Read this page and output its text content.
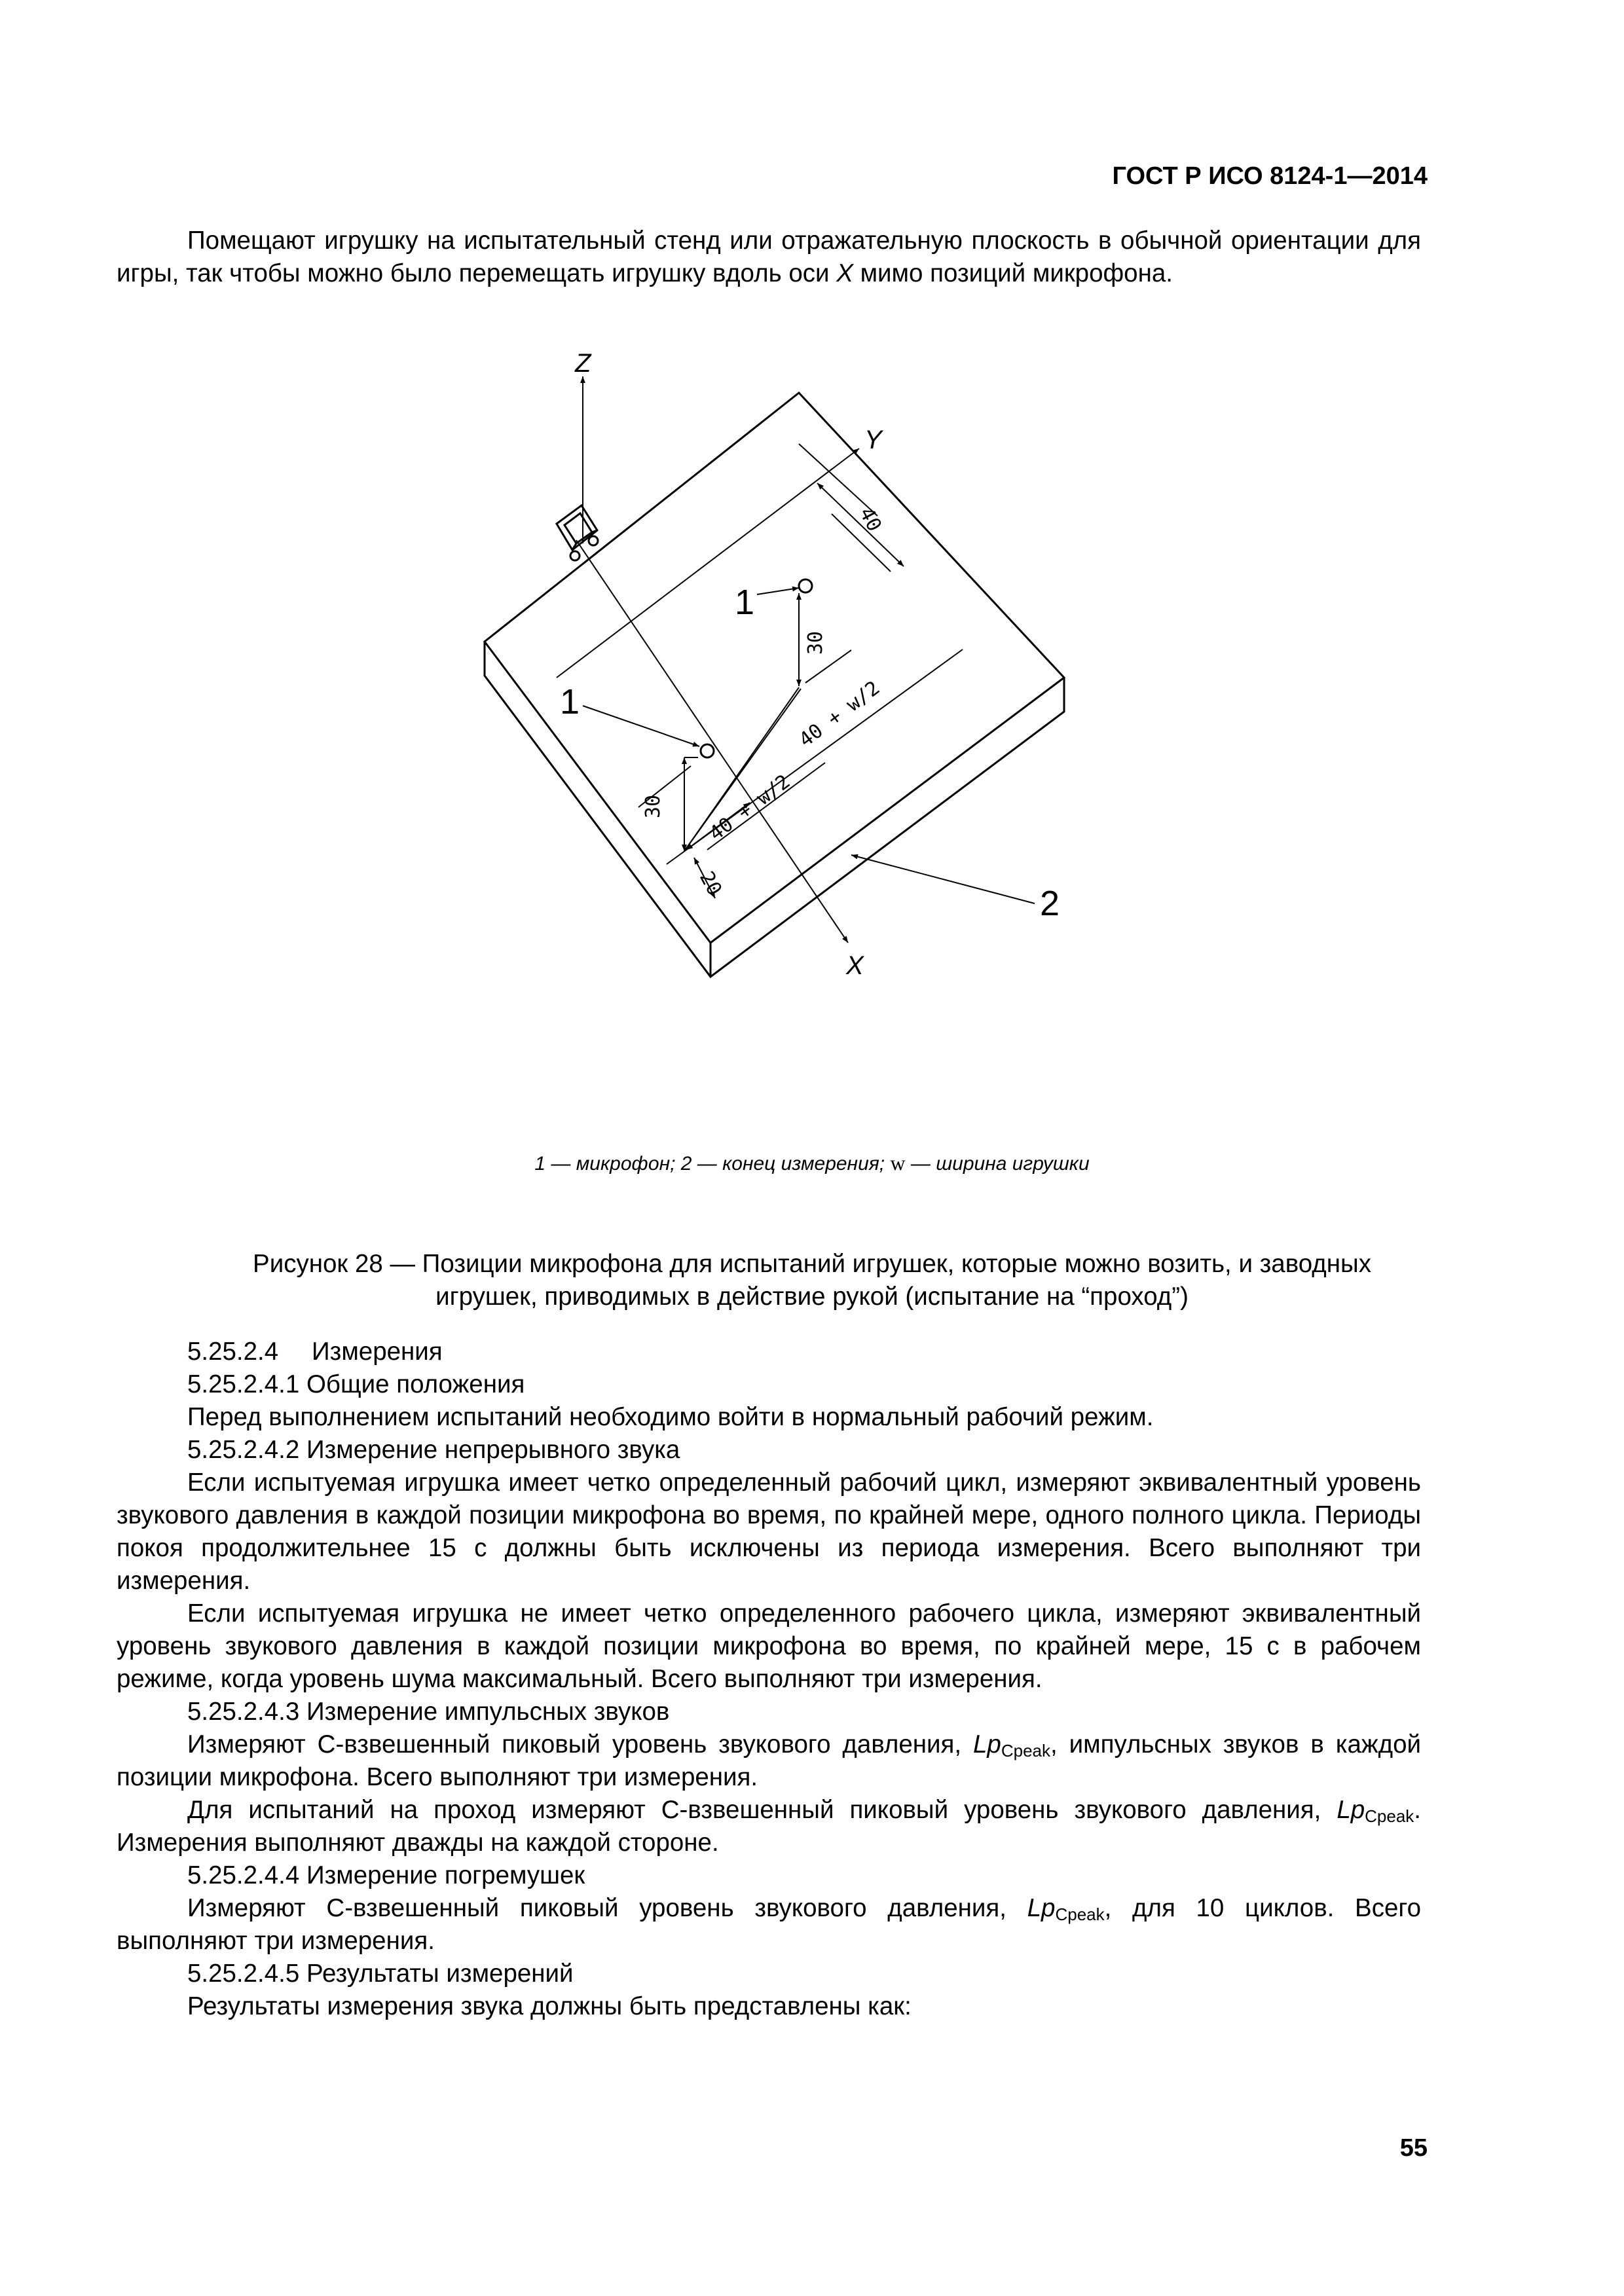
ГОСТ Р ИСО 8124-1—2014

Помещают игрушку на испытательный стенд или отражательную плоскость в обычной ориентации для игры, так чтобы можно было перемещать игрушку вдоль оси X мимо позиций микрофона.

Z
Y
X
1
1
2
40
30
30 40 + w/2
40 + w/2
20
1 — микрофон; 2 — конец измерения; w — ширина игрушки
Рисунок 28 — Позиции микрофона для испытаний игрушек, которые можно возить, и заводных
игрушек, приводимых в действие рукой (испытание на “проход”)

5.25.2.4 Измерения

5.25.2.4.1 Общие положения

Перед выполнением испытаний необходимо войти в нормальный рабочий режим.

5.25.2.4.2 Измерение непрерывного звука

Если испытуемая игрушка имеет четко определенный рабочий цикл, измеряют эквивалентный уровень звукового давления в каждой позиции микрофона во время, по крайней мере, одного полного цикла. Периоды покоя продолжительнее 15 с должны быть исключены из периода измерения. Всего выполняют три измерения.

Если испытуемая игрушка не имеет четко определенного рабочего цикла, измеряют эквивалентный уровень звукового давления в каждой позиции микрофона во время, по крайней мере, 15 с в рабочем режиме, когда уровень шума максимальный. Всего выполняют три измерения.

5.25.2.4.3 Измерение импульсных звуков

Измеряют С-взвешенный пиковый уровень звукового давления, $Lp_{Cpeak}$, импульсных звуков в каждой позиции микрофона. Всего выполняют три измерения.

Для испытаний на проход измеряют С-взвешенный пиковый уровень звукового давления, $Lp_{Cpeak}$. Измерения выполняют дважды на каждой стороне.

5.25.2.4.4 Измерение погремушек

Измеряют С-взвешенный пиковый уровень звукового давления, $Lp_{Cpeak}$, для 10 циклов. Всего выполняют три измерения.

5.25.2.4.5 Результаты измерений

Результаты измерения звука должны быть представлены как:

55
